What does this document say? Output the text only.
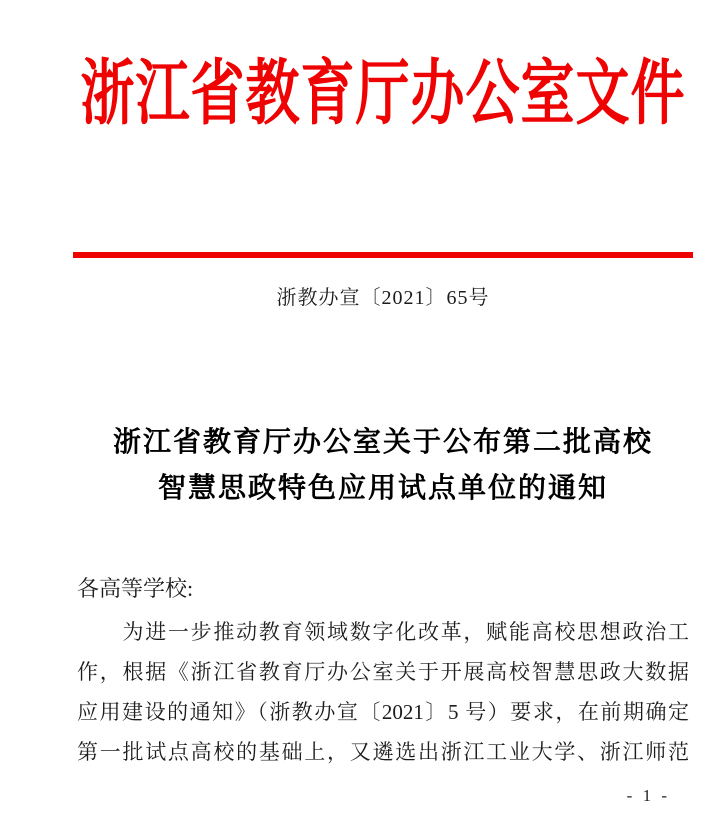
浙江省教育厅办公室文件
浙教办宣〔2021〕65号
浙江省教育厅办公室关于公布第二批高校
智慧思政特色应用试点单位的通知
各高等学校:
　　为进一步推动教育领域数字化改革，赋能高校思想政治工
作，根据《浙江省教育厅办公室关于开展高校智慧思政大数据
应用建设的通知》（浙教办宣〔2021〕5 号）要求，在前期确定
第一批试点高校的基础上，又遴选出浙江工业大学、浙江师范
- 1 -
